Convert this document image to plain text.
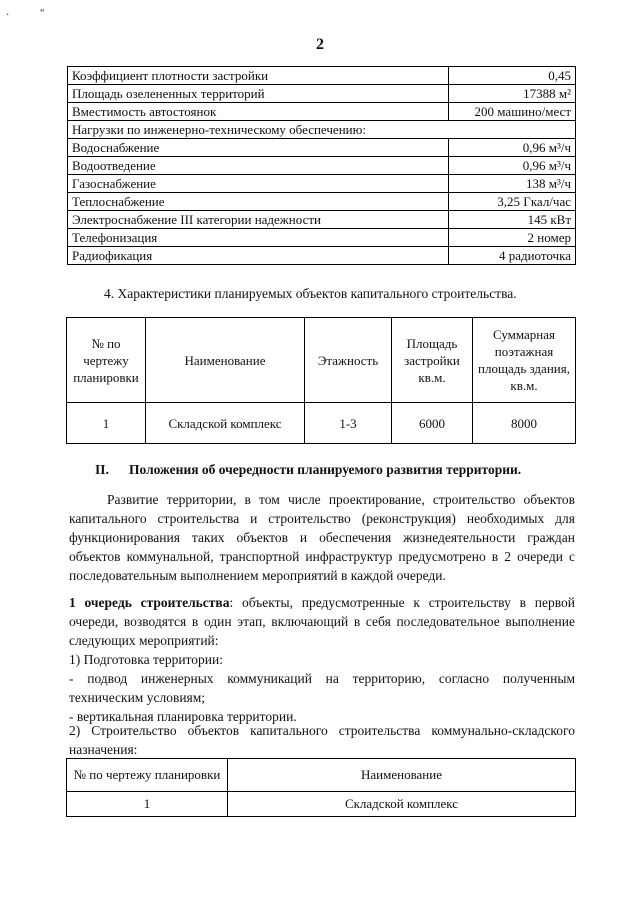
·	“
2
Коэффициент плотности застройки	0,45
Площадь озелененных территорий	17388 м²
Вместимость автостоянок	200 машино/мест
Нагрузки по инженерно-техническому обеспечению:	
Водоснабжение	0,96 м³/ч
Водоотведение	0,96 м³/ч
Газоснабжение	138 м³/ч
Теплоснабжение	3,25 Гкал/час
Электроснабжение III категории надежности	145 кВт
Телефонизация	2 номер
Радиофикация	4 радиоточка
4. Характеристики планируемых объектов капитального строительства.
№ по чертежу планировки	Наименование	Этажность	Площадь застройки кв.м.	Суммарная поэтажная площадь здания, кв.м.
1	Складской комплекс	1-3	6000	8000
II. Положения об очередности планируемого развития территории.

Развитие территории, в том числе проектирование, строительство объектов капитального строительства и строительство (реконструкция) необходимых для функционирования таких объектов и обеспечения жизнедеятельности граждан объектов коммунальной, транспортной инфраструктур предусмотрено в 2 очереди с последовательным выполнением мероприятий в каждой очереди.

1 очередь строительства: объекты, предусмотренные к строительству в первой очереди, возводятся в один этап, включающий в себя последовательное выполнение следующих мероприятий:

1) Подготовка территории:

- подвод инженерных коммуникаций на территорию, согласно полученным техническим условиям;

- вертикальная планировка территории.

2) Строительство объектов капитального строительства коммунально-складского назначения:

№ по чертежу планировки	Наименование
1	Складской комплекс
